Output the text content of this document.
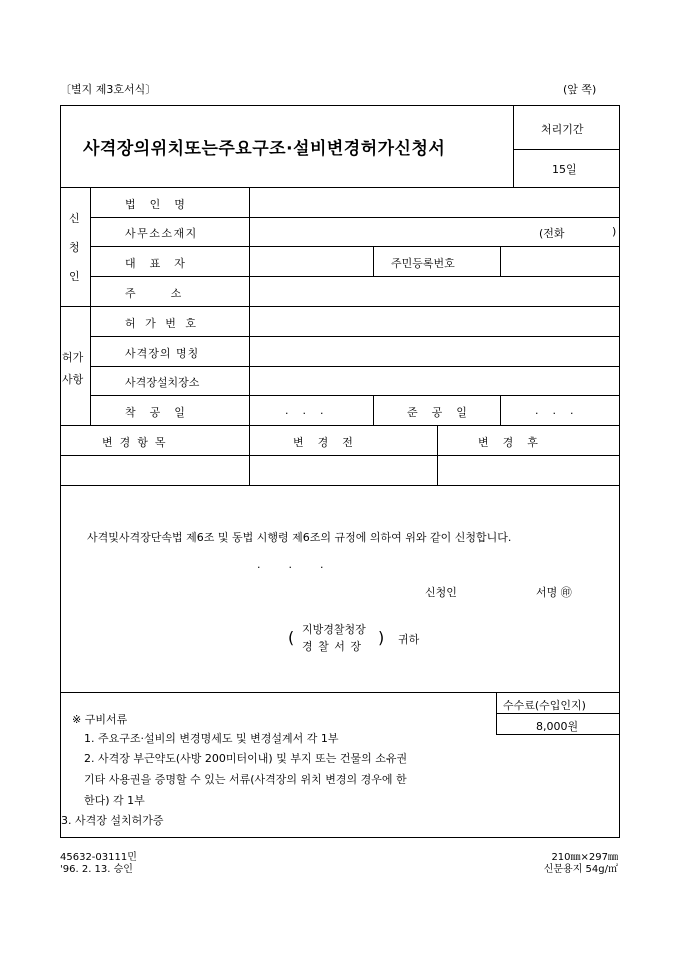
〔별지 제3호서식〕	(앞 쪽)
사격장의위치또는주요구조·설비변경허가신청서
처리기간
15일
신
청
인
법    인    명
사무소소재지	(전화	)
대    표    자	주민등록번호
주          소
허가
사항
허 가 번 호
사격장의 명칭
사격장설치장소
착    공    일	.    .    .	준    공    일	.    .    .
변  경  항  목	변    경    전	변    경    후
사격및사격장단속법 제6조 및 동법 시행령 제6조의 규정에 의하여 위와 같이 신청합니다.
.        .        .
신청인	서명 ㊞
( 지방경찰청장
경 찰 서 장 ) 귀하
※ 구비서류
1. 주요구조·설비의 변경명세도 및 변경설계서 각 1부
2. 사격장 부근약도(사방 200미터이내) 및 부지 또는 건물의 소유권
기타 사용권을 증명할 수 있는 서류(사격장의 위치 변경의 경우에 한
한다) 각 1부
3. 사격장 설치허가증
수수료(수입인지)
8,000원
45632-03111민
'96. 2. 13. 승인
210㎜×297㎜
신문용지 54g/㎡
